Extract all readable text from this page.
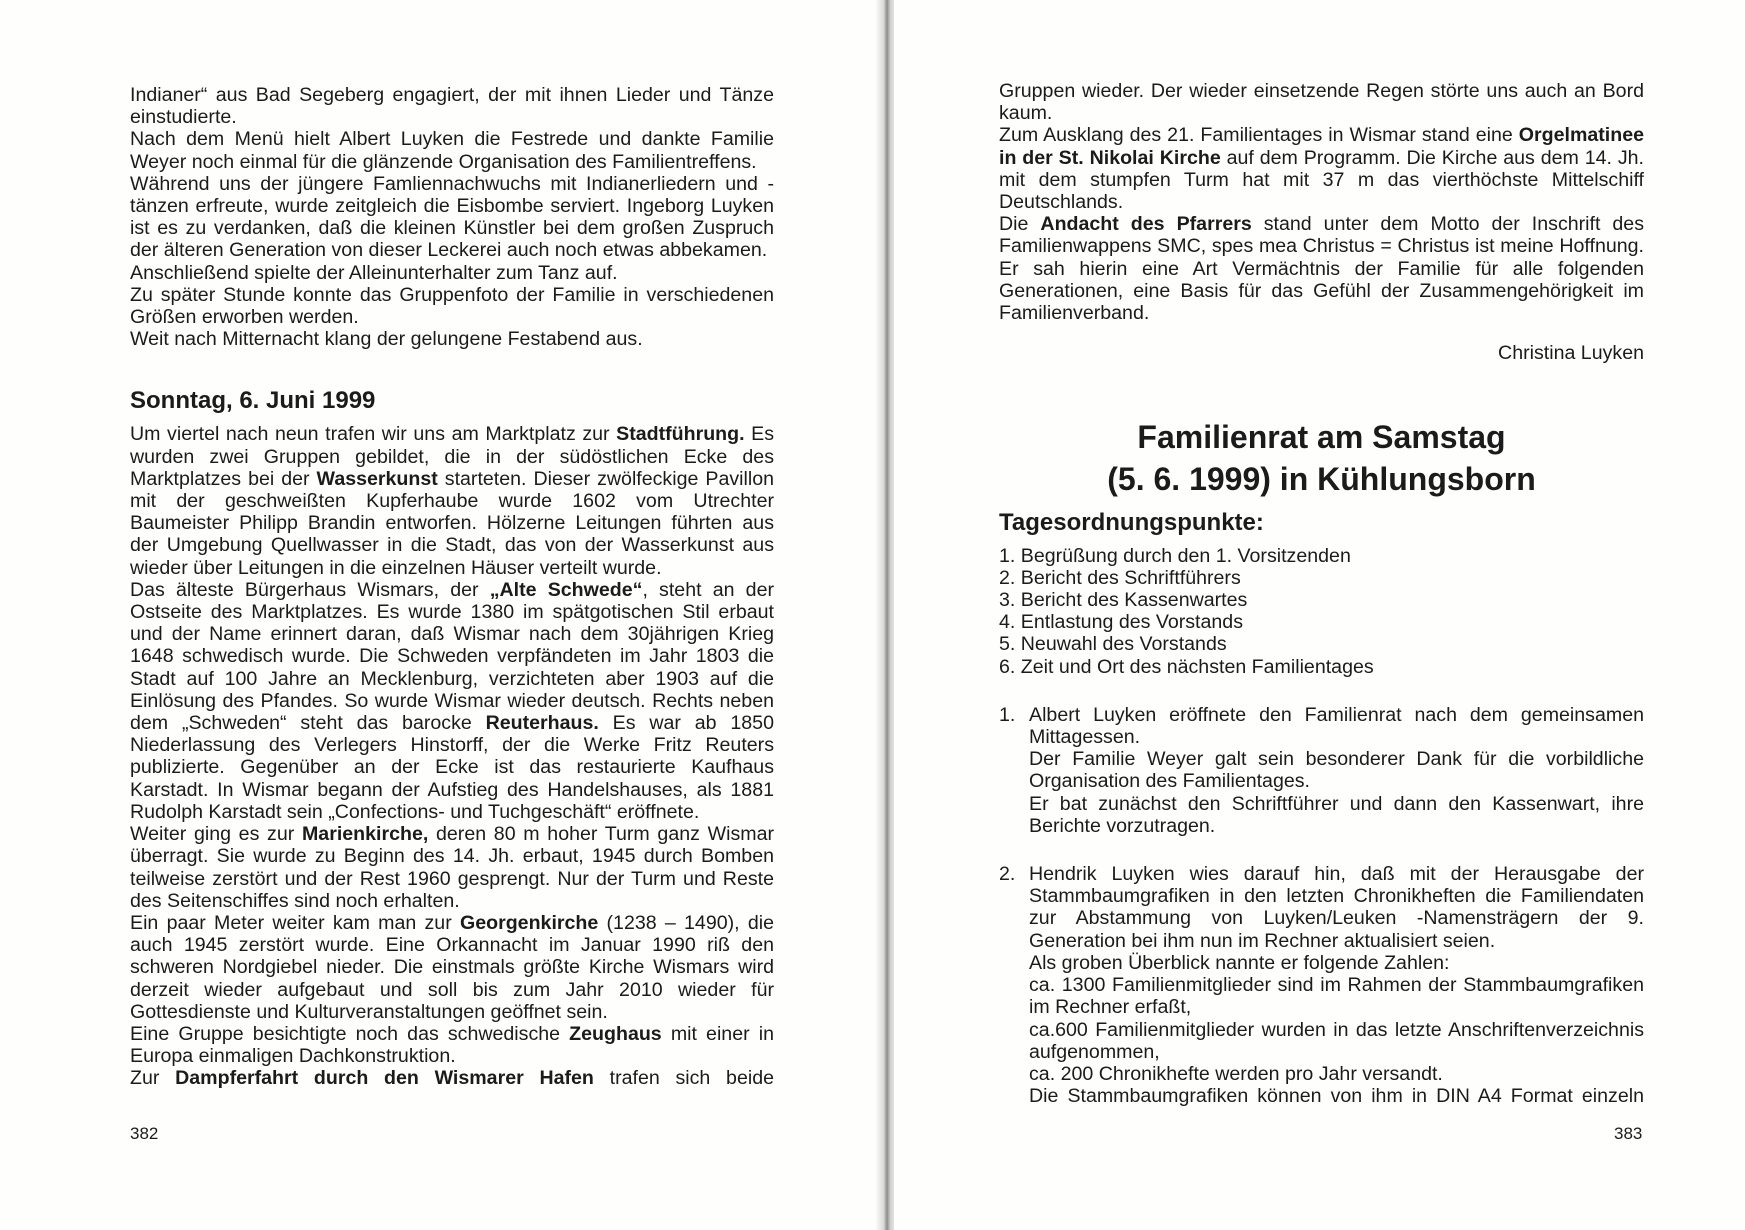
Indianer“ aus Bad Segeberg engagiert, der mit ihnen Lieder und Tänze einstudierte.

Nach dem Menü hielt Albert Luyken die Festrede und dankte Familie Weyer noch einmal für die glänzende Organisation des Familientreffens.

Während uns der jüngere Famliennachwuchs mit Indianerliedern und -tänzen erfreute, wurde zeitgleich die Eisbombe serviert. Ingeborg Luyken ist es zu verdanken, daß die kleinen Künstler bei dem großen Zuspruch der älteren Generation von dieser Leckerei auch noch etwas abbekamen.

Anschließend spielte der Alleinunterhalter zum Tanz auf.

Zu später Stunde konnte das Gruppenfoto der Familie in verschiedenen Größen erworben werden.

Weit nach Mitternacht klang der gelungene Festabend aus.

Sonntag, 6. Juni 1999

Um viertel nach neun trafen wir uns am Marktplatz zur Stadtführung. Es wurden zwei Gruppen gebildet, die in der südöstlichen Ecke des Marktplatzes bei der Wasserkunst starteten. Dieser zwölfeckige Pavillon mit der geschweißten Kupferhaube wurde 1602 vom Utrechter Baumeister Philipp Brandin entworfen. Hölzerne Leitungen führten aus der Umgebung Quellwasser in die Stadt, das von der Wasserkunst aus wieder über Leitungen in die einzelnen Häuser verteilt wurde.

Das älteste Bürgerhaus Wismars, der „Alte Schwede“, steht an der Ostseite des Marktplatzes. Es wurde 1380 im spätgotischen Stil erbaut und der Name erinnert daran, daß Wismar nach dem 30jährigen Krieg 1648 schwedisch wurde. Die Schweden verpfändeten im Jahr 1803 die Stadt auf 100 Jahre an Mecklenburg, verzichteten aber 1903 auf die Einlösung des Pfandes. So wurde Wismar wieder deutsch. Rechts neben dem „Schweden“ steht das barocke Reuterhaus. Es war ab 1850 Niederlassung des Verlegers Hinstorff, der die Werke Fritz Reuters publizierte. Gegenüber an der Ecke ist das restaurierte Kaufhaus Karstadt. In Wismar begann der Aufstieg des Handelshauses, als 1881 Rudolph Karstadt sein „Confections- und Tuchgeschäft“ eröffnete.

Weiter ging es zur Marienkirche, deren 80 m hoher Turm ganz Wismar überragt. Sie wurde zu Beginn des 14. Jh. erbaut, 1945 durch Bomben teilweise zerstört und der Rest 1960 gesprengt. Nur der Turm und Reste des Seitenschiffes sind noch erhalten.

Ein paar Meter weiter kam man zur Georgenkirche (1238 – 1490), die auch 1945 zerstört wurde. Eine Orkannacht im Januar 1990 riß den schweren Nordgiebel nieder. Die einstmals größte Kirche Wismars wird derzeit wieder aufgebaut und soll bis zum Jahr 2010 wieder für Gottesdienste und Kulturveranstaltungen geöffnet sein.

Eine Gruppe besichtigte noch das schwedische Zeughaus mit einer in Europa einmaligen Dachkonstruktion.

Zur Dampferfahrt durch den Wismarer Hafen trafen sich beide

382

Gruppen wieder. Der wieder einsetzende Regen störte uns auch an Bord kaum.

Zum Ausklang des 21. Familientages in Wismar stand eine Orgelmatinee in der St. Nikolai Kirche auf dem Programm. Die Kirche aus dem 14. Jh. mit dem stumpfen Turm hat mit 37 m das vierthöchste Mittelschiff Deutschlands.

Die Andacht des Pfarrers stand unter dem Motto der Inschrift des Familienwappens SMC, spes mea Christus = Christus ist meine Hoffnung. Er sah hierin eine Art Vermächtnis der Familie für alle folgenden Generationen, eine Basis für das Gefühl der Zusammengehörigkeit im Familienverband.

Christina Luyken
Familienrat am Samstag
(5. 6. 1999) in Kühlungsborn
Tagesordnungspunkte:
1. Begrüßung durch den 1. Vorsitzenden
2. Bericht des Schriftführers
3. Bericht des Kassenwartes
4. Entlastung des Vorstands
5. Neuwahl des Vorstands
6. Zeit und Ort des nächsten Familientages
1. Albert Luyken eröffnete den Familienrat nach dem gemeinsamen Mittagessen.

Der Familie Weyer galt sein besonderer Dank für die vorbildliche Organisation des Familientages.

Er bat zunächst den Schriftführer und dann den Kassenwart, ihre Berichte vorzutragen.

2. Hendrik Luyken wies darauf hin, daß mit der Herausgabe der Stammbaumgrafiken in den letzten Chronikheften die Familiendaten zur Abstammung von Luyken/Leuken -Namensträgern der 9. Generation bei ihm nun im Rechner aktualisiert seien.

Als groben Überblick nannte er folgende Zahlen:

ca. 1300 Familienmitglieder sind im Rahmen der Stammbaumgrafiken im Rechner erfaßt,

ca.600 Familienmitglieder wurden in das letzte Anschriftenverzeichnis aufgenommen,

ca. 200 Chronikhefte werden pro Jahr versandt.

Die Stammbaumgrafiken können von ihm in DIN A4 Format einzeln

383
